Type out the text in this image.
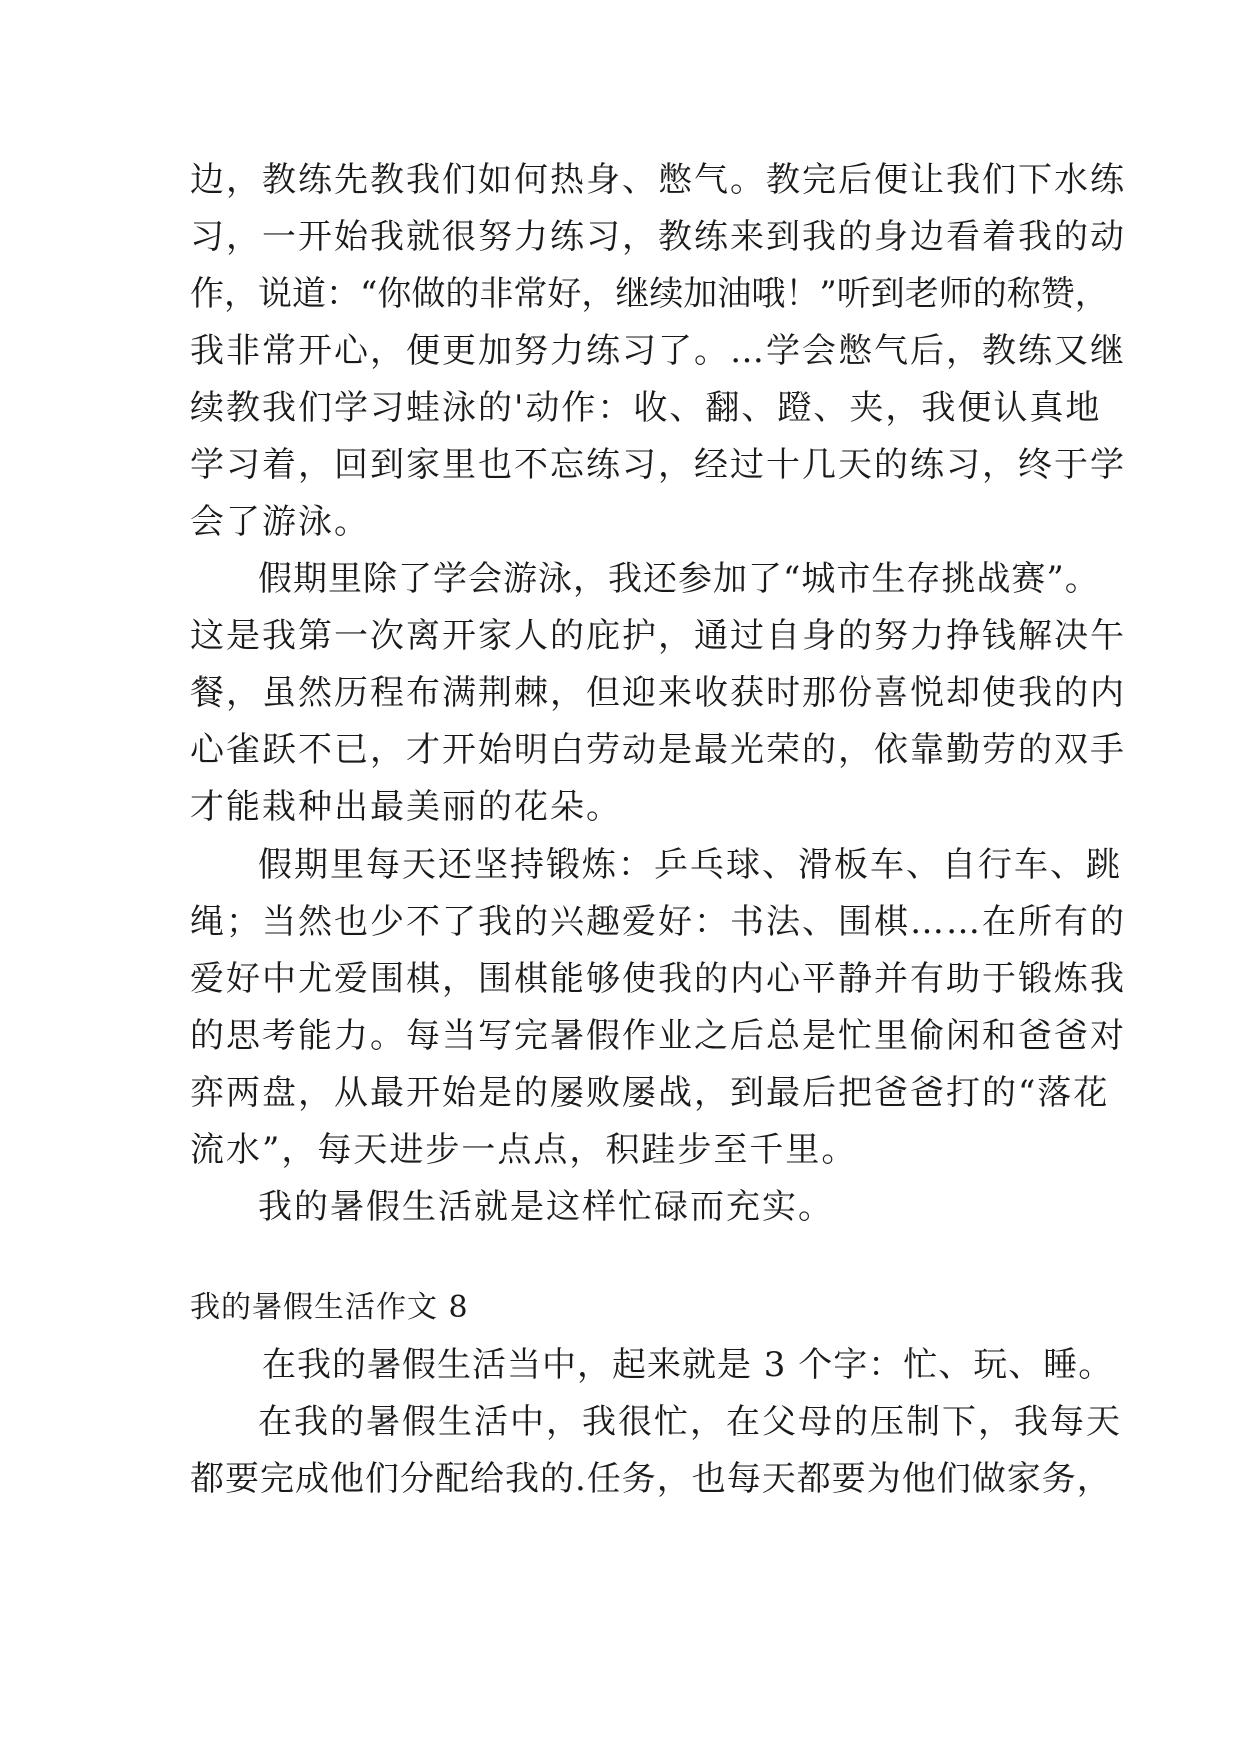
边，教练先教我们如何热身、憋气。教完后便让我们下水练
习，一开始我就很努力练习，教练来到我的身边看着我的动
作，说道：“你做的非常好，继续加油哦！”听到老师的称赞，
我非常开心，便更加努力练习了。…学会憋气后，教练又继
续教我们学习蛙泳的'动作：收、翻、蹬、夹，我便认真地
学习着，回到家里也不忘练习，经过十几天的练习，终于学
会了游泳。
假期里除了学会游泳，我还参加了“城市生存挑战赛”。
这是我第一次离开家人的庇护，通过自身的努力挣钱解决午
餐，虽然历程布满荆棘，但迎来收获时那份喜悦却使我的内
心雀跃不已，才开始明白劳动是最光荣的，依靠勤劳的双手
才能栽种出最美丽的花朵。
假期里每天还坚持锻炼：乒乓球、滑板车、自行车、跳
绳；当然也少不了我的兴趣爱好：书法、围棋……在所有的
爱好中尤爱围棋，围棋能够使我的内心平静并有助于锻炼我
的思考能力。每当写完暑假作业之后总是忙里偷闲和爸爸对
弈两盘，从最开始是的屡败屡战，到最后把爸爸打的“落花
流水”，每天进步一点点，积跬步至千里。
我的暑假生活就是这样忙碌而充实。
我的暑假生活作文 8
在我的暑假生活当中，起来就是 3 个字：忙、玩、睡。
在我的暑假生活中，我很忙，在父母的压制下，我每天
都要完成他们分配给我的.任务，也每天都要为他们做家务，
